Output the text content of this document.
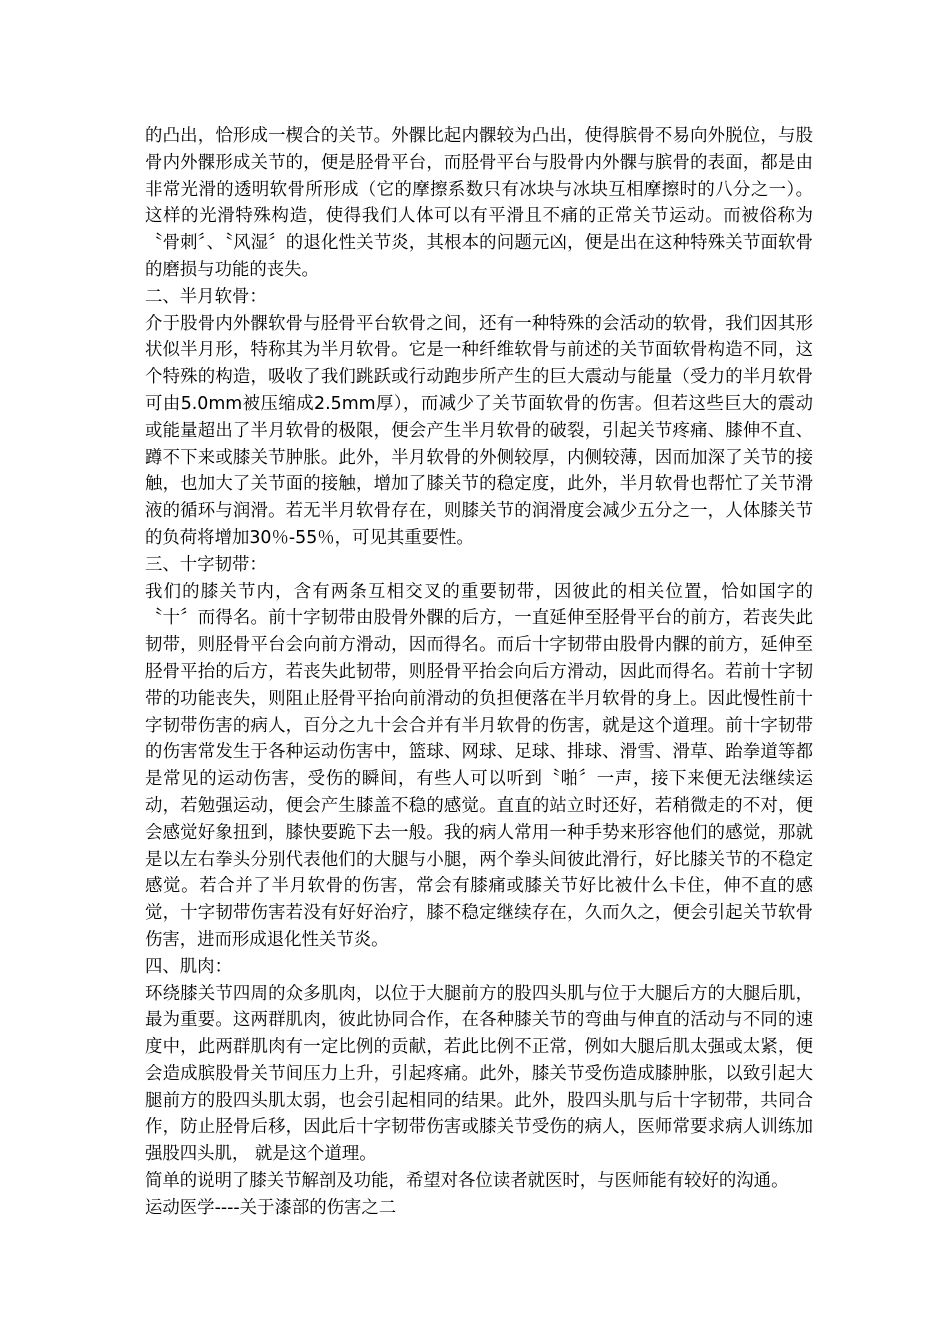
的凸出，恰形成一楔合的关节。外髁比起内髁较为凸出，使得膑骨不易向外脱位，与股骨内外髁形成关节的，便是胫骨平台，而胫骨平台与股骨内外髁与膑骨的表面，都是由非常光滑的透明软骨所形成（它的摩擦系数只有冰块与冰块互相摩擦时的八分之一）。这样的光滑特殊构造，使得我们人体可以有平滑且不痛的正常关节运动。而被俗称为〝骨刺〞、〝风湿〞的退化性关节炎，其根本的问题元凶，便是出在这种特殊关节面软骨的磨损与功能的丧失。

二、半月软骨：

介于股骨内外髁软骨与胫骨平台软骨之间，还有一种特殊的会活动的软骨，我们因其形状似半月形，特称其为半月软骨。它是一种纤维软骨与前述的关节面软骨构造不同，这个特殊的构造，吸收了我们跳跃或行动跑步所产生的巨大震动与能量（受力的半月软骨可由5.0mm被压缩成2.5mm厚），而减少了关节面软骨的伤害。但若这些巨大的震动或能量超出了半月软骨的极限，便会产生半月软骨的破裂，引起关节疼痛、膝伸不直、蹲不下来或膝关节肿胀。此外，半月软骨的外侧较厚，内侧较薄，因而加深了关节的接触，也加大了关节面的接触，增加了膝关节的稳定度，此外，半月软骨也帮忙了关节滑液的循环与润滑。若无半月软骨存在，则膝关节的润滑度会减少五分之一，人体膝关节的负荷将增加30％-55％，可见其重要性。

三、十字韧带：

我们的膝关节内，含有两条互相交叉的重要韧带，因彼此的相关位置，恰如国字的〝十〞而得名。前十字韧带由股骨外髁的后方，一直延伸至胫骨平台的前方，若丧失此韧带，则胫骨平台会向前方滑动，因而得名。而后十字韧带由股骨内髁的前方，延伸至胫骨平抬的后方，若丧失此韧带，则胫骨平抬会向后方滑动，因此而得名。若前十字韧带的功能丧失，则阻止胫骨平抬向前滑动的负担便落在半月软骨的身上。因此慢性前十字韧带伤害的病人，百分之九十会合并有半月软骨的伤害，就是这个道理。前十字韧带的伤害常发生于各种运动伤害中，篮球、网球、足球、排球、滑雪、滑草、跆拳道等都是常见的运动伤害，受伤的瞬间，有些人可以听到〝啪〞一声，接下来便无法继续运动，若勉强运动，便会产生膝盖不稳的感觉。直直的站立时还好，若稍微走的不对，便会感觉好象扭到，膝快要跪下去一般。我的病人常用一种手势来形容他们的感觉，那就是以左右拳头分别代表他们的大腿与小腿，两个拳头间彼此滑行，好比膝关节的不稳定感觉。若合并了半月软骨的伤害，常会有膝痛或膝关节好比被什么卡住，伸不直的感觉，十字韧带伤害若没有好好治疗，膝不稳定继续存在，久而久之，便会引起关节软骨伤害，进而形成退化性关节炎。

四、肌肉：

环绕膝关节四周的众多肌肉，以位于大腿前方的股四头肌与位于大腿后方的大腿后肌，最为重要。这两群肌肉，彼此协同合作，在各种膝关节的弯曲与伸直的活动与不同的速度中，此两群肌肉有一定比例的贡献，若此比例不正常，例如大腿后肌太强或太紧，便会造成膑股骨关节间压力上升，引起疼痛。此外，膝关节受伤造成膝肿胀，以致引起大腿前方的股四头肌太弱，也会引起相同的结果。此外，股四头肌与后十字韧带，共同合作，防止胫骨后移，因此后十字韧带伤害或膝关节受伤的病人，医师常要求病人训练加强股四头肌， 就是这个道理。

简单的说明了膝关节解剖及功能，希望对各位读者就医时，与医师能有较好的沟通。

运动医学----关于漆部的伤害之二
